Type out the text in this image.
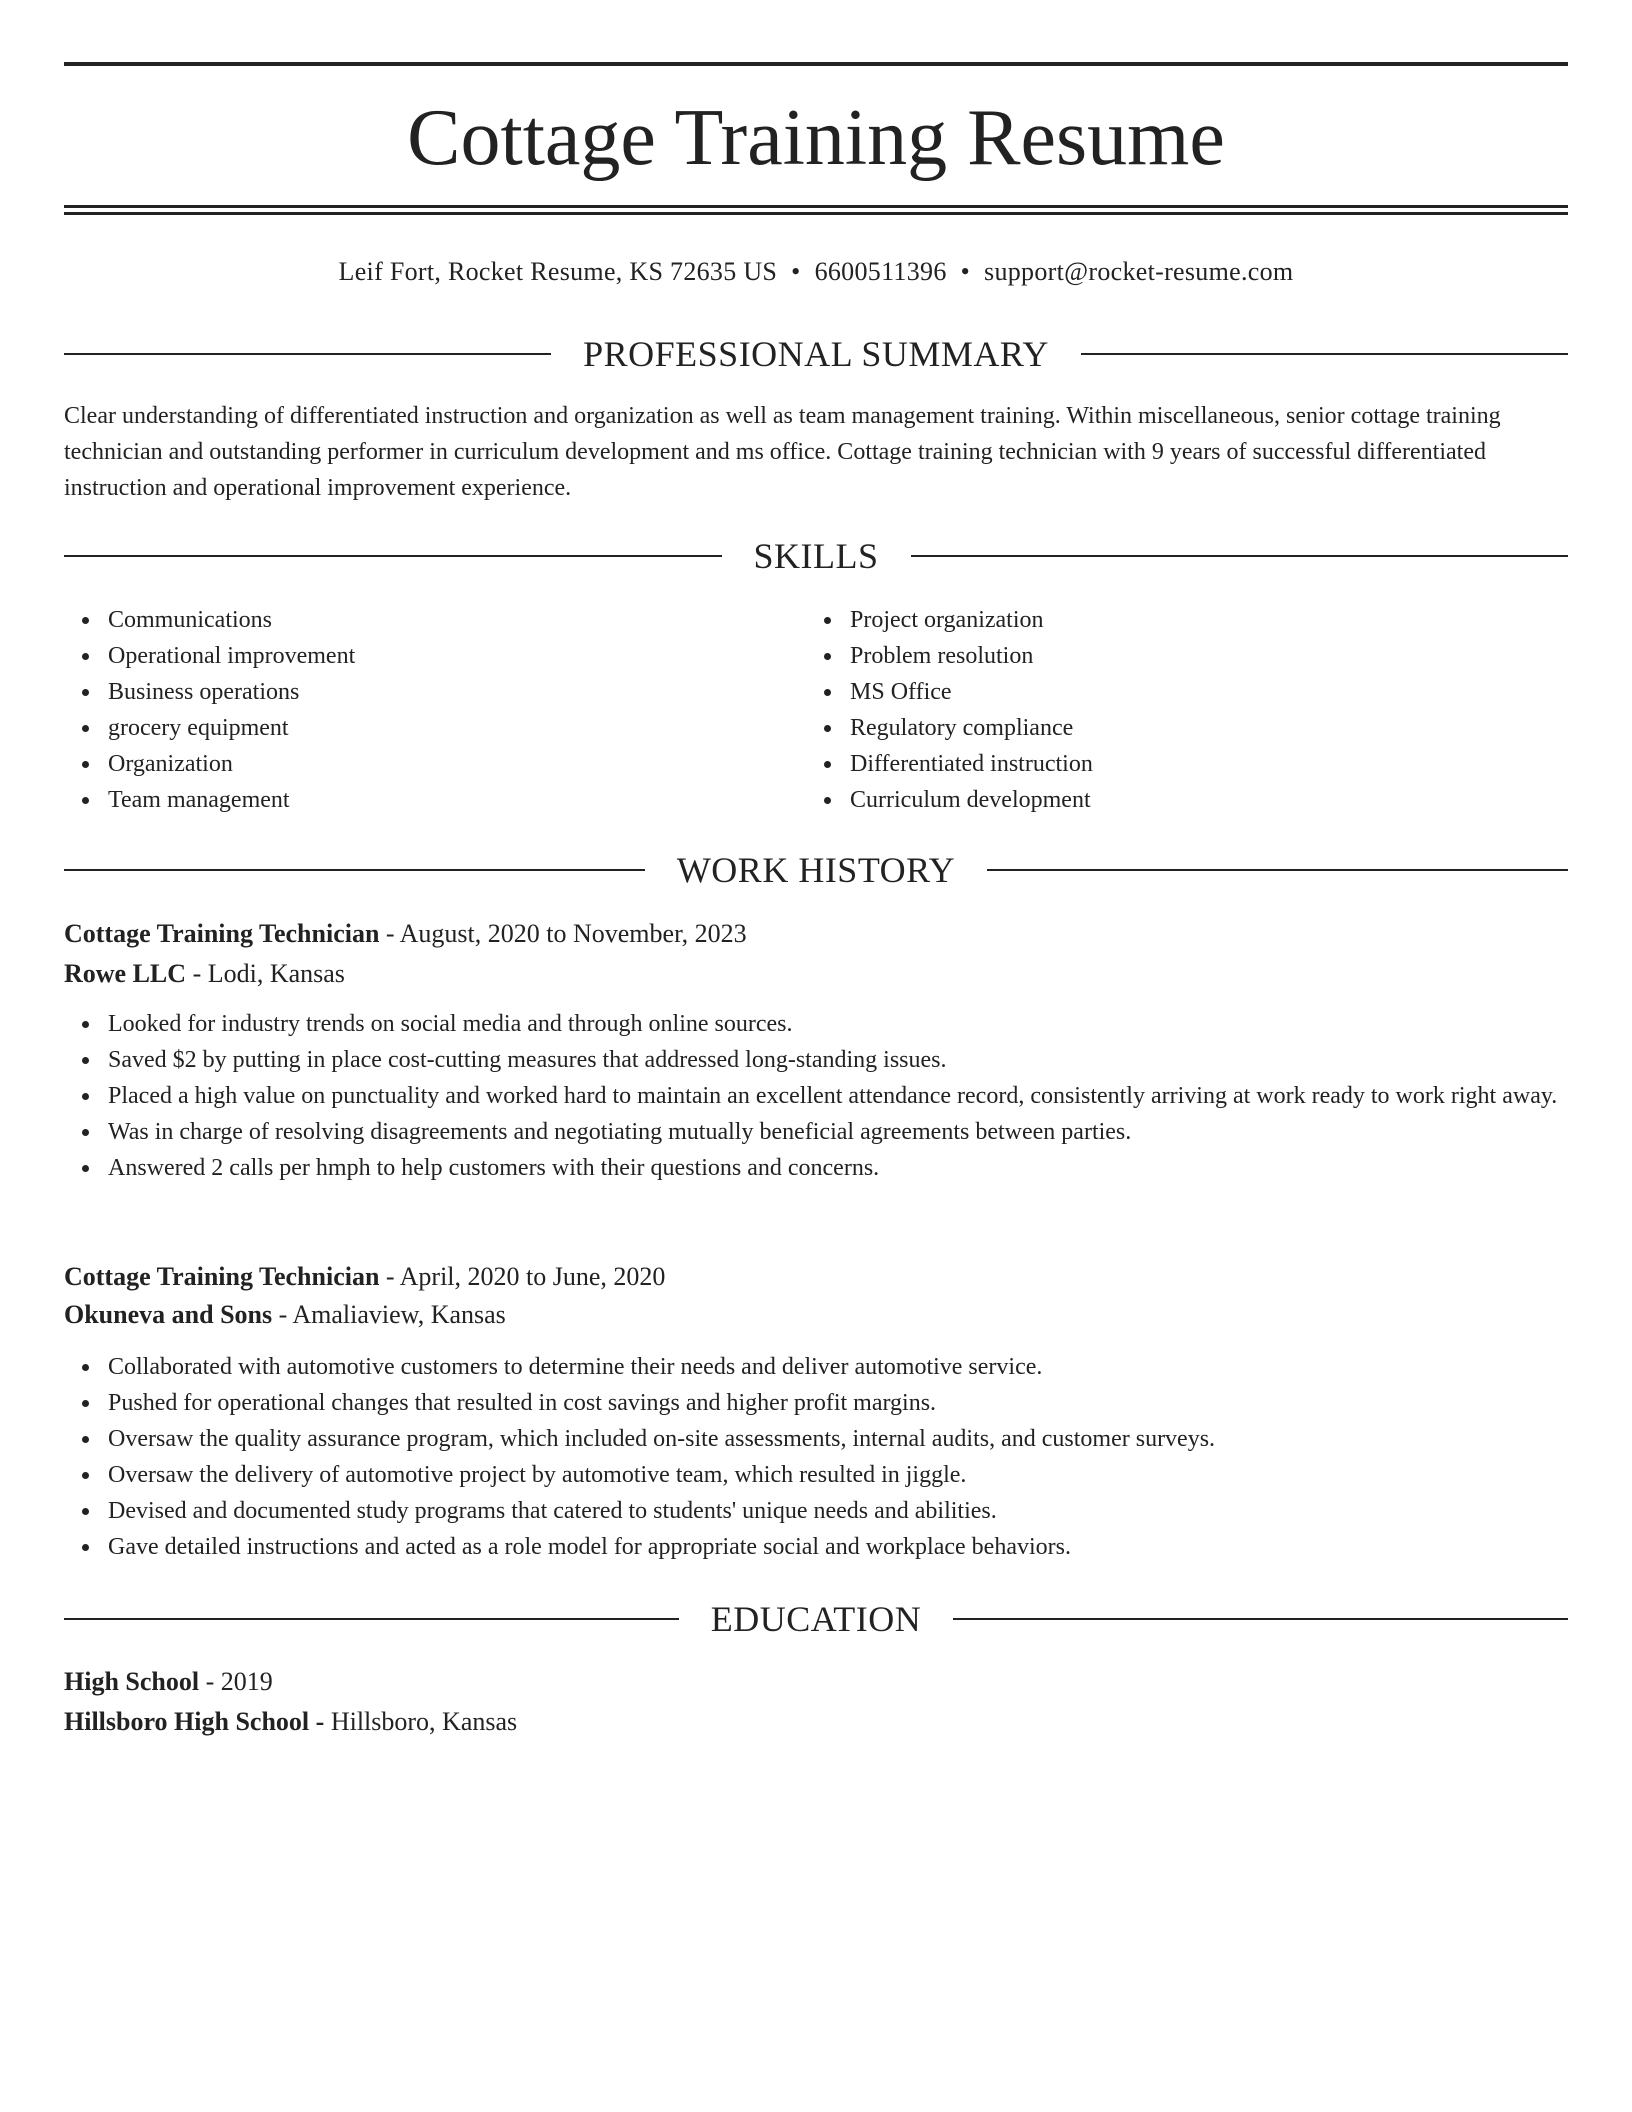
Cottage Training Resume
Leif Fort, Rocket Resume, KS 72635 US • 6600511396 • support@rocket-resume.com
PROFESSIONAL SUMMARY

Clear understanding of differentiated instruction and organization as well as team management training. Within miscellaneous, senior cottage training technician and outstanding performer in curriculum development and ms office. Cottage training technician with 9 years of successful differentiated instruction and operational improvement experience.

SKILLS
Communications
Operational improvement
Business operations
grocery equipment
Organization
Team management
Project organization
Problem resolution
MS Office
Regulatory compliance
Differentiated instruction
Curriculum development
WORK HISTORY
Cottage Training Technician - August, 2020 to November, 2023
Rowe LLC - Lodi, Kansas
Looked for industry trends on social media and through online sources.
Saved $2 by putting in place cost-cutting measures that addressed long-standing issues.
Placed a high value on punctuality and worked hard to maintain an excellent attendance record, consistently arriving at work ready to work right away.
Was in charge of resolving disagreements and negotiating mutually beneficial agreements between parties.
Answered 2 calls per hmph to help customers with their questions and concerns.
Cottage Training Technician - April, 2020 to June, 2020
Okuneva and Sons - Amaliaview, Kansas
Collaborated with automotive customers to determine their needs and deliver automotive service.
Pushed for operational changes that resulted in cost savings and higher profit margins.
Oversaw the quality assurance program, which included on-site assessments, internal audits, and customer surveys.
Oversaw the delivery of automotive project by automotive team, which resulted in jiggle.
Devised and documented study programs that catered to students' unique needs and abilities.
Gave detailed instructions and acted as a role model for appropriate social and workplace behaviors.
EDUCATION
High School - 2019
Hillsboro High School - Hillsboro, Kansas
